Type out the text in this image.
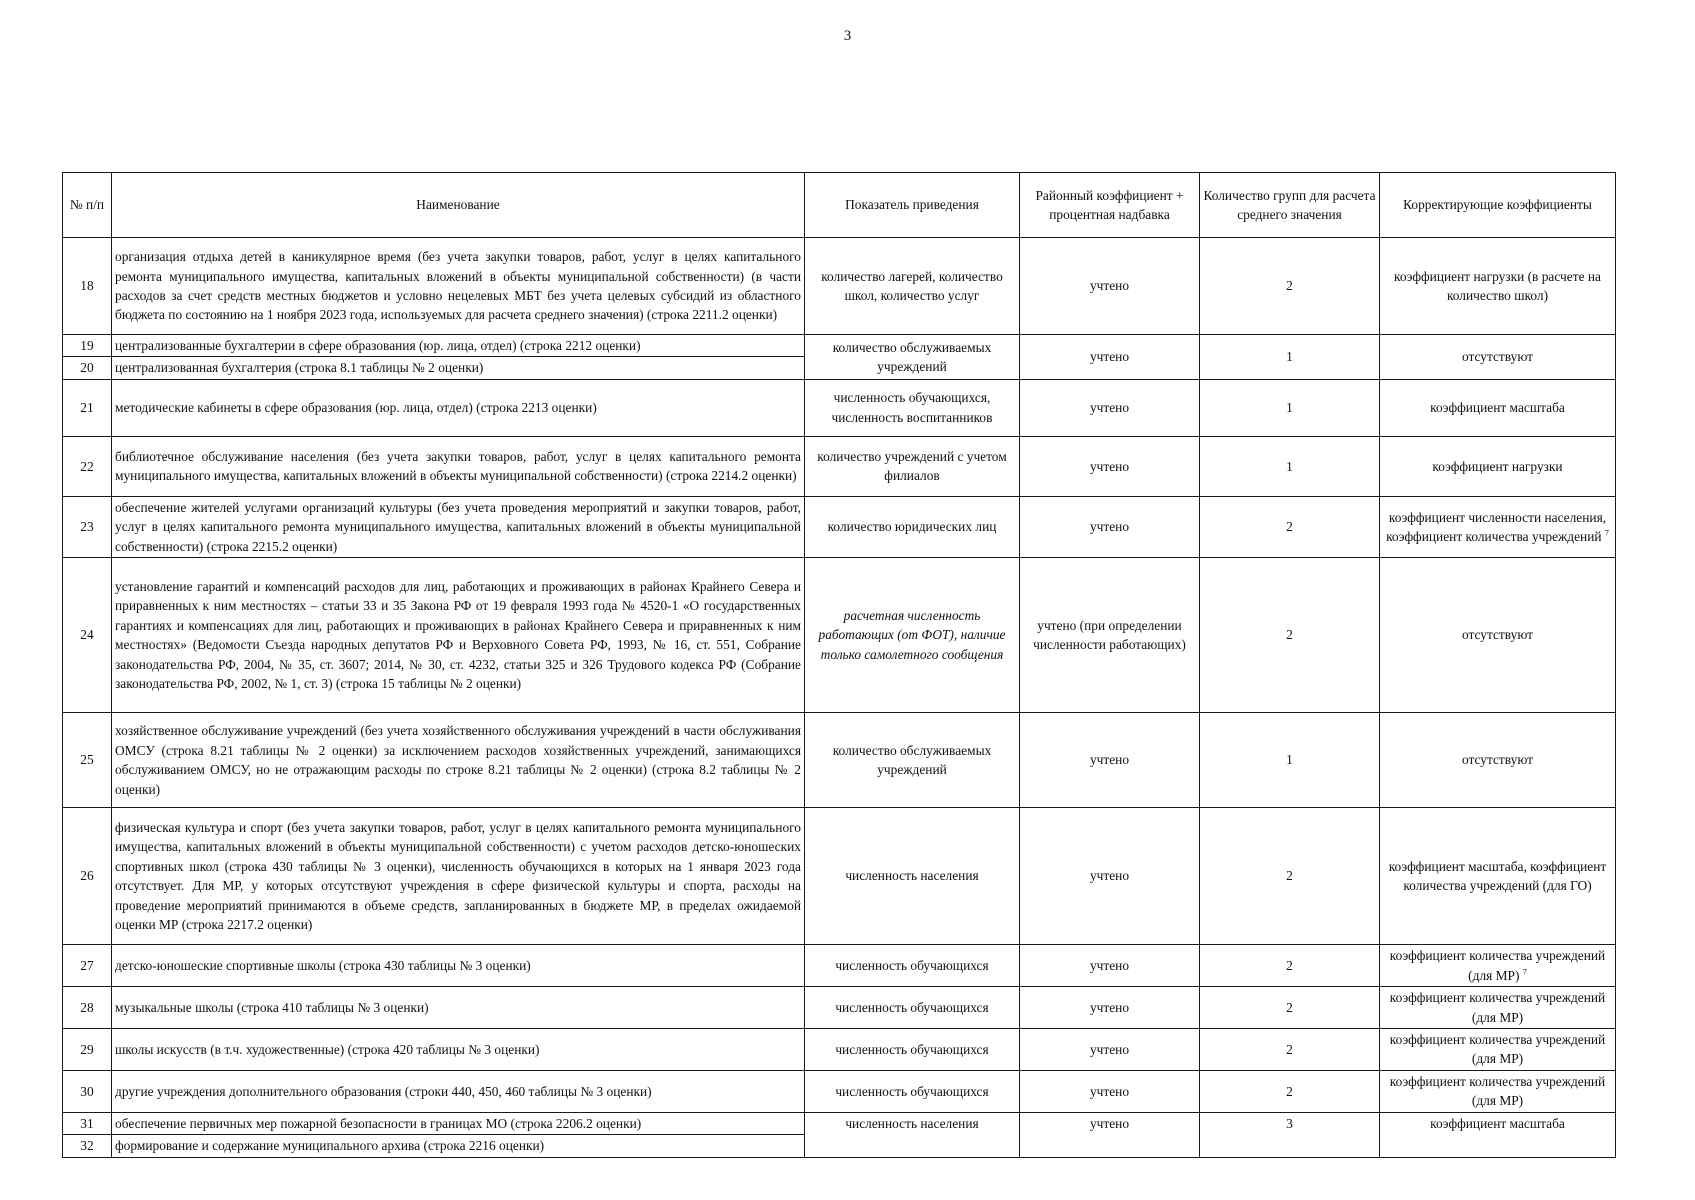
3
№ п/п	Наименование	Показатель приведения	Районный коэффициент + процентная надбавка	Количество групп для расчета среднего значения	Корректирующие коэффициенты
18	организация отдыха детей в каникулярное время (без учета закупки товаров, работ, услуг в целях капитального ремонта муниципального имущества, капитальных вложений в объекты муниципальной собственности) (в части расходов за счет средств местных бюджетов и условно нецелевых МБТ без учета целевых субсидий из областного бюджета по состоянию на 1 ноября 2023 года, используемых для расчета среднего значения) (строка 2211.2 оценки)	количество лагерей, количество школ, количество услуг	учтено	2	коэффициент нагрузки (в расчете на количество школ)
19	централизованные бухгалтерии в сфере образования (юр. лица, отдел) (строка 2212 оценки)	количество обслуживаемых учреждений	учтено	1	отсутствуют
20	централизованная бухгалтерия (строка 8.1 таблицы № 2 оценки)				
21	методические кабинеты в сфере образования (юр. лица, отдел) (строка 2213 оценки)	численность обучающихся, численность воспитанников	учтено	1	коэффициент масштаба
22	библиотечное обслуживание населения (без учета закупки товаров, работ, услуг в целях капитального ремонта муниципального имущества, капитальных вложений в объекты муниципальной собственности) (строка 2214.2 оценки)	количество учреждений с учетом филиалов	учтено	1	коэффициент нагрузки
23	обеспечение жителей услугами организаций культуры (без учета проведения мероприятий и закупки товаров, работ, услуг в целях капитального ремонта муниципального имущества, капитальных вложений в объекты муниципальной собственности) (строка 2215.2 оценки)	количество юридических лиц	учтено	2	коэффициент численности населения, коэффициент количества учреждений $^7$
24	установление гарантий и компенсаций расходов для лиц, работающих и проживающих в районах Крайнего Севера и приравненных к ним местностях – статьи 33 и 35 Закона РФ от 19 февраля 1993 года № 4520-1 «О государственных гарантиях и компенсациях для лиц, работающих и проживающих в районах Крайнего Севера и приравненных к ним местностях» (Ведомости Съезда народных депутатов РФ и Верховного Совета РФ, 1993, № 16, ст. 551, Собрание законодательства РФ, 2004, № 35, ст. 3607; 2014, № 30, ст. 4232, статьи 325 и 326 Трудового кодекса РФ (Собрание законодательства РФ, 2002, № 1, ст. 3) (строка 15 таблицы № 2 оценки)	расчетная численность работающих (от ФОТ), наличие только самолетного сообщения	учтено (при определении численности работающих)	2	отсутствуют
25	хозяйственное обслуживание учреждений (без учета хозяйственного обслуживания учреждений в части обслуживания ОМСУ (строка 8.21 таблицы № 2 оценки) за исключением расходов хозяйственных учреждений, занимающихся обслуживанием ОМСУ, но не отражающим расходы по строке 8.21 таблицы № 2 оценки) (строка 8.2 таблицы № 2 оценки)	количество обслуживаемых учреждений	учтено	1	отсутствуют
26	физическая культура и спорт (без учета закупки товаров, работ, услуг в целях капитального ремонта муниципального имущества, капитальных вложений в объекты муниципальной собственности) с учетом расходов детско-юношеских спортивных школ (строка 430 таблицы № 3 оценки), численность обучающихся в которых на 1 января 2023 года отсутствует. Для МР, у которых отсутствуют учреждения в сфере физической культуры и спорта, расходы на проведение мероприятий принимаются в объеме средств, запланированных в бюджете МР, в пределах ожидаемой оценки МР (строка 2217.2 оценки)	численность населения	учтено	2	коэффициент масштаба, коэффициент количества учреждений (для ГО)
27	детско-юношеские спортивные школы (строка 430 таблицы № 3 оценки)	численность обучающихся	учтено	2	коэффициент количества учреждений (для МР) $^7$
28	музыкальные школы (строка 410 таблицы № 3 оценки)	численность обучающихся	учтено	2	коэффициент количества учреждений (для МР)
29	школы искусств (в т.ч. художественные) (строка 420 таблицы № 3 оценки)	численность обучающихся	учтено	2	коэффициент количества учреждений (для МР)
30	другие учреждения дополнительного образования (строки 440, 450, 460 таблицы № 3 оценки)	численность обучающихся	учтено	2	коэффициент количества учреждений (для МР)
31	обеспечение первичных мер пожарной безопасности в границах МО (строка 2206.2 оценки)	численность населения	учтено	3	коэффициент масштаба
32	формирование и содержание муниципального архива (строка 2216 оценки)				
